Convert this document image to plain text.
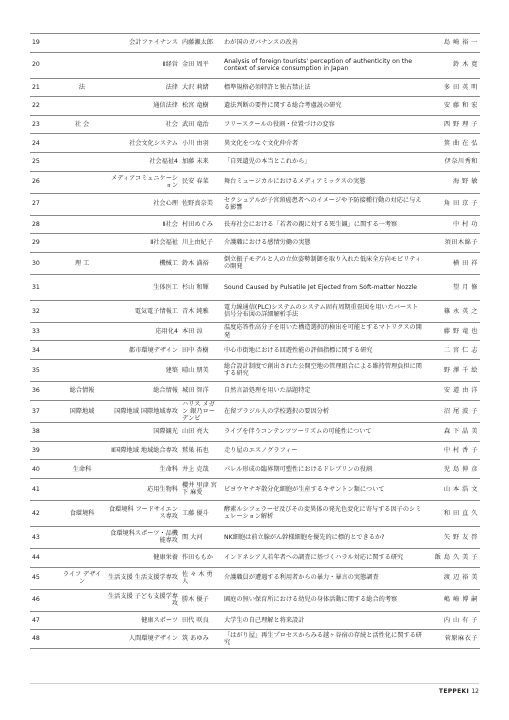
19		会計ファイナンス	内藤瀬太郎	わが国のガバナンスの改善	島 崎 裕 一
20		Ⅱ経営	金田 周平	Analysis of foreign tourists' perception of authenticity on the context of service consumption in Japan	鈴 木 寛
21	法	法律	大沢 莉緒	標準規格必須特許と独占禁止法	多 田 英 明
22		通信法律	松宮 竜樹	遺法判断の要件に関する総合考慮説の研究	安 藤 和 宏
23	社 会	社会	武田 竜治	フリースクールの役割・位置づけの変容	西 野 理 子
24		社会文化システム	小川 由羽	異文化をつなぐ文化仲介者	箕 曲 在 弘
25		社会福祉4	加藤 未来	「自死遺児の本当とこれから」	伊奈川秀和
26		メディアコミュニケーション	民安 春菜	舞台ミュージカルにおけるメディアミックスの実態	海 野 敏
27		社会心理	佐野真奈美	セクシュアルが子宮頸癌患者へのイメージや予防接種行動の対応に与える影響	角 田 京 子
28		Ⅱ社会	村田めぐみ	長寿社会における「若者の親に対する死生観」に関する一考察	中 村 功
29		Ⅱ社会福祉	川上由紀子	介護職における感情労働の実態	須田木綿子
30	理 工	機械工	鈴木 満裕	倒立振子モデルと人の立位姿勢制御を取り入れた低床全方向モビリティの開発	横 田 祥
31		生体医工	杉山 和輝	Sound Caused by Pulsatile Jet Ejected from Soft-matter Nozzle	望 月 修
32		電気電子情報工	青木 純雅	電力線通信(PLC)システムのシステム固有周期重畳図を用いたバースト信号分布図の詳細解析手法	篠 永 英 之
33		応用化4	本田 涼	温度応答性高分子を用いた構造選択的検出を可能とするマトリクスの開発	藤 野 竜 也
34		都市環境デザイン	田中 杏樹	中心市街地における回遊性能の評価指標に関する研究	二 宮 仁 志
35		建築	晴山 朋美	総合設計制度で創出された公開空地の管理組合による維持管理負担に関する研究	野 澤 千 絵
36	総合情報	総合情報	城田 智洋	自然言語処理を用いた話題特定	安 道 由 洋
37	国際地域	国際地域 国際地域専攻	ハリス メガン 銀乃ローデンビ	在留ブラジル人の学校選択の要因分析	沼 尾 波 子
38		国際観光	山田 亮大	ライブを伴うコンテンツツーリズムの可能性について	森 下 晶 美
39		Ⅱ国際地域 地域総合専攻	鷲巣 拓也	走り屋のエスノグラフィー	中 村 香 子
40	生命科	生命科	井上 克哉	パレル形成の臨界期可塑性におけるドレブリンの役割	児 島 伸 彦
41		応用生物科	櫻井 里津 宮下 麻愛	ビヨウヤナギ散分化細胞が生産するキサントン類について	山 本 浩 文
42	食環境科	食環境科 フードサイエンス専攻	工藤 優斗	酵素ルシフェラーゼ及びその変異体の発光色変化に寄与する因子のシミュレーション解析	和 田 直 久
43		食環境科スポーツ・品機能専攻	関 大河	NK細胞は前立腺がん幹様細胞を優先的に標的とできるか?	矢 野 友 啓
44		健康栄養	作田ももか	インドネシア人若年者への調査に基づくハラル対応に関する研究	飯 島 久 美 子
45	ライフ デザイン	生活支援 生活支援学専攻	佐 々 木 勇 人	介護職員が遭遇する利用者からの暴力・暴言の実態調査	渡 辺 裕 美
46		生活支援 子ども支援学専攻	勝木 優子	園庭の無い保育所における幼児の身体活動に関する総合的考察	嶋 崎 博 嗣
47		健康スポーツ	田代 咲良	大学生の自己理解と将来設計	内 山 有 子
48		人間環境デザイン	筑 あゆみ	「はがり屋」再生プロセスからみる越ヶ谷宿の存続と活性化に関する研究	菅原麻衣子
TEPPEKI 12
